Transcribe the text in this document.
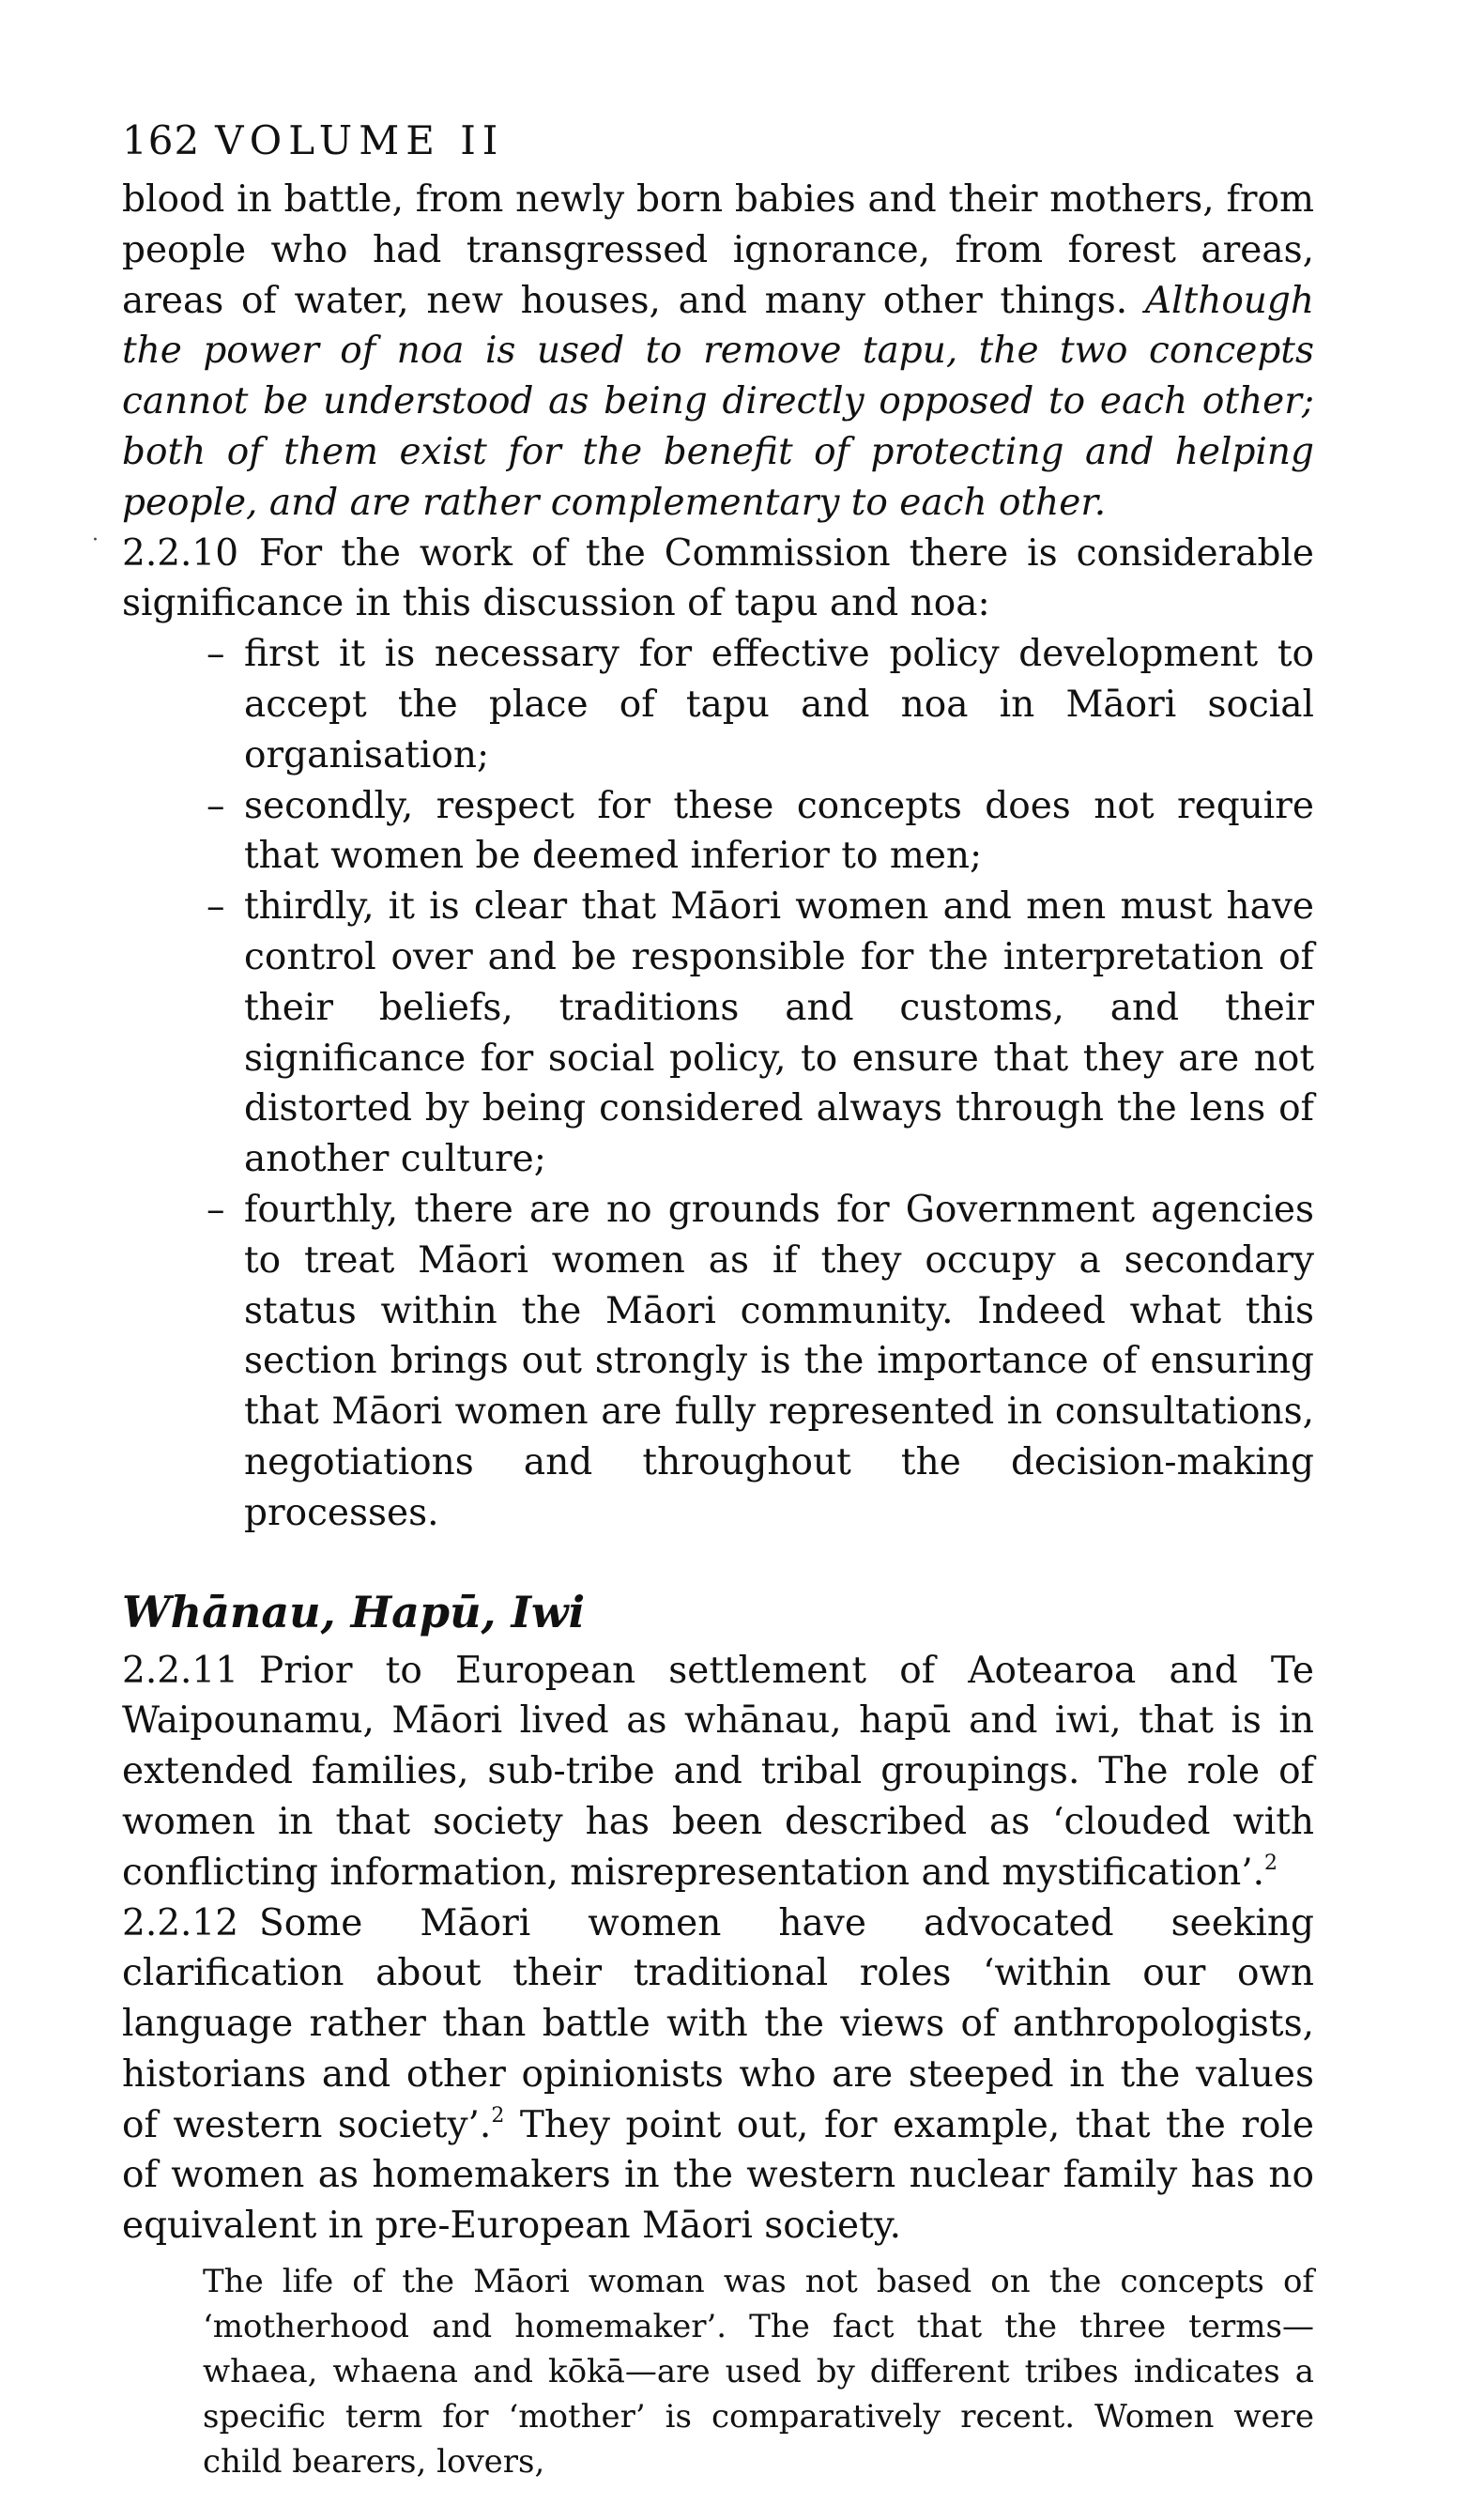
·
162 VOLUME II

blood in battle, from newly born babies and their mothers, from people who had transgressed ignorance, from forest areas, areas of water, new houses, and many other things. Although the power of noa is used to remove tapu, the two concepts cannot be understood as being directly opposed to each other; both of them exist for the benefit of protecting and helping people, and are rather complementary to each other.

2.2.10 For the work of the Commission there is considerable significance in this discussion of tapu and noa:

– first it is necessary for effective policy development to accept the place of tapu and noa in Māori social organisation;
– secondly, respect for these concepts does not require that women be deemed inferior to men;
– thirdly, it is clear that Māori women and men must have control over and be responsible for the interpretation of their beliefs, traditions and customs, and their significance for social policy, to ensure that they are not distorted by being considered always through the lens of another culture;
– fourthly, there are no grounds for Government agencies to treat Māori women as if they occupy a secondary status within the Māori community. Indeed what this section brings out strongly is the importance of ensuring that Māori women are fully represented in consultations, negotiations and throughout the decision-making processes.
Whānau, Hapū, Iwi

2.2.11 Prior to European settlement of Aotearoa and Te Waipounamu, Māori lived as whānau, hapū and iwi, that is in extended families, sub-tribe and tribal groupings. The role of women in that society has been described as ‘clouded with conflicting information, misrepresentation and mystification’.$^2$

2.2.12 Some Māori women have advocated seeking clarification about their traditional roles ‘within our own language rather than battle with the views of anthropologists, historians and other opinionists who are steeped in the values of western society’.$^2$ They point out, for example, that the role of women as homemakers in the western nuclear family has no equivalent in pre-European Māori society.

The life of the Māori woman was not based on the concepts of ‘motherhood and homemaker’. The fact that the three terms—whaea, whaena and kōkā—are used by different tribes indicates a specific term for ‘mother’ is comparatively recent. Women were child bearers, lovers,
